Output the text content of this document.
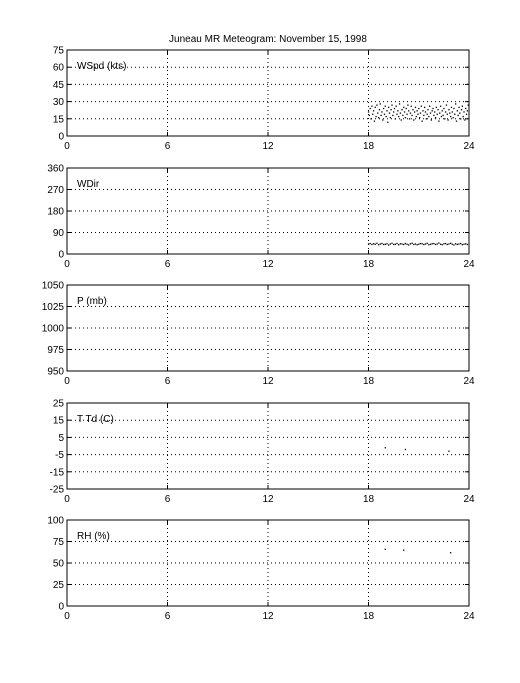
Juneau MR Meteogram: November 15, 1998
0
15
30
45
60
75
0	6	12	18	24
WSpd (kts)
0
90
180
270
360
0	6	12	18	24
WDir
950
975
1000
1025
1050
0	6	12	18	24
P (mb)
-25
-15
-5
5
15
25
0	6	12	18	24
T Td (C)
0
25
50
75
100
0	6	12	18	24
RH (%)
